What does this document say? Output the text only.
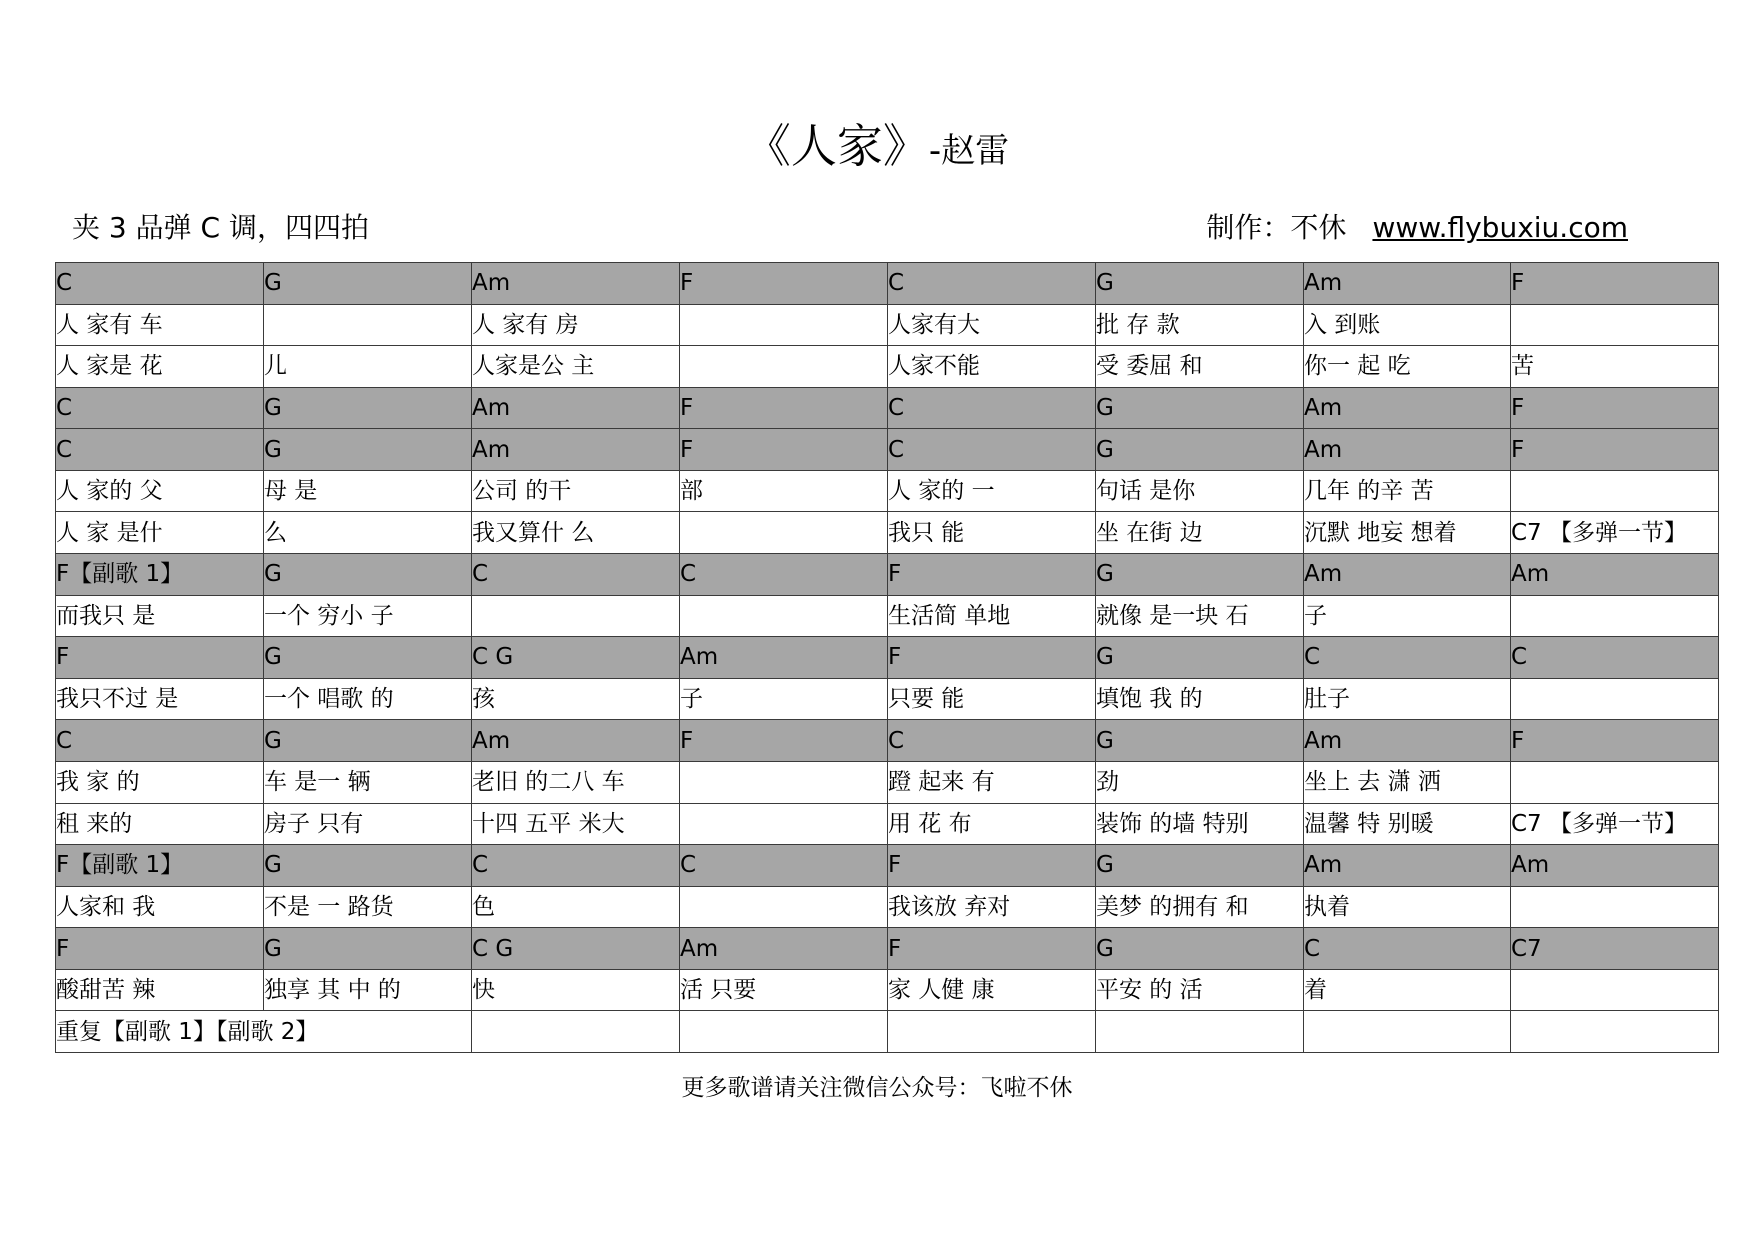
《人家》-赵雷
夹 3 品弹 C 调，四四拍	制作：不休 www.flybuxiu.com
C	G	Am	F	C	G	Am	F
人 家有 车		人 家有 房		人家有大	批 存 款	入 到账	
人 家是 花	儿	人家是公 主		人家不能	受 委屈 和	你一 起 吃	苦
C	G	Am	F	C	G	Am	F
C	G	Am	F	C	G	Am	F
人 家的 父	母 是	公司 的干	部	人 家的 一	句话 是你	几年 的辛 苦	
人 家 是什	么	我又算什 么		我只 能	坐 在街 边	沉默 地妄 想着	C7 【多弹一节】
F【副歌 1】	G	C	C	F	G	Am	Am
而我只 是	一个 穷小 子			生活简 单地	就像 是一块 石	子	
F	G	C G	Am	F	G	C	C
我只不过 是	一个 唱歌 的	孩	子	只要 能	填饱 我 的	肚子	
C	G	Am	F	C	G	Am	F
我 家 的	车 是一 辆	老旧 的二八 车		蹬 起来 有	劲	坐上 去 潇 洒	
租 来的	房子 只有	十四 五平 米大		用 花 布	装饰 的墙 特别	温馨 特 别暖	C7 【多弹一节】
F【副歌 1】	G	C	C	F	G	Am	Am
人家和 我	不是 一 路货	色		我该放 弃对	美梦 的拥有 和	执着	
F	G	C G	Am	F	G	C	C7
酸甜苦 辣	独享 其 中 的	快	活 只要	家 人健 康	平安 的 活	着	
重复【副歌 1】【副歌 2】							
更多歌谱请关注微信公众号：飞啦不休
